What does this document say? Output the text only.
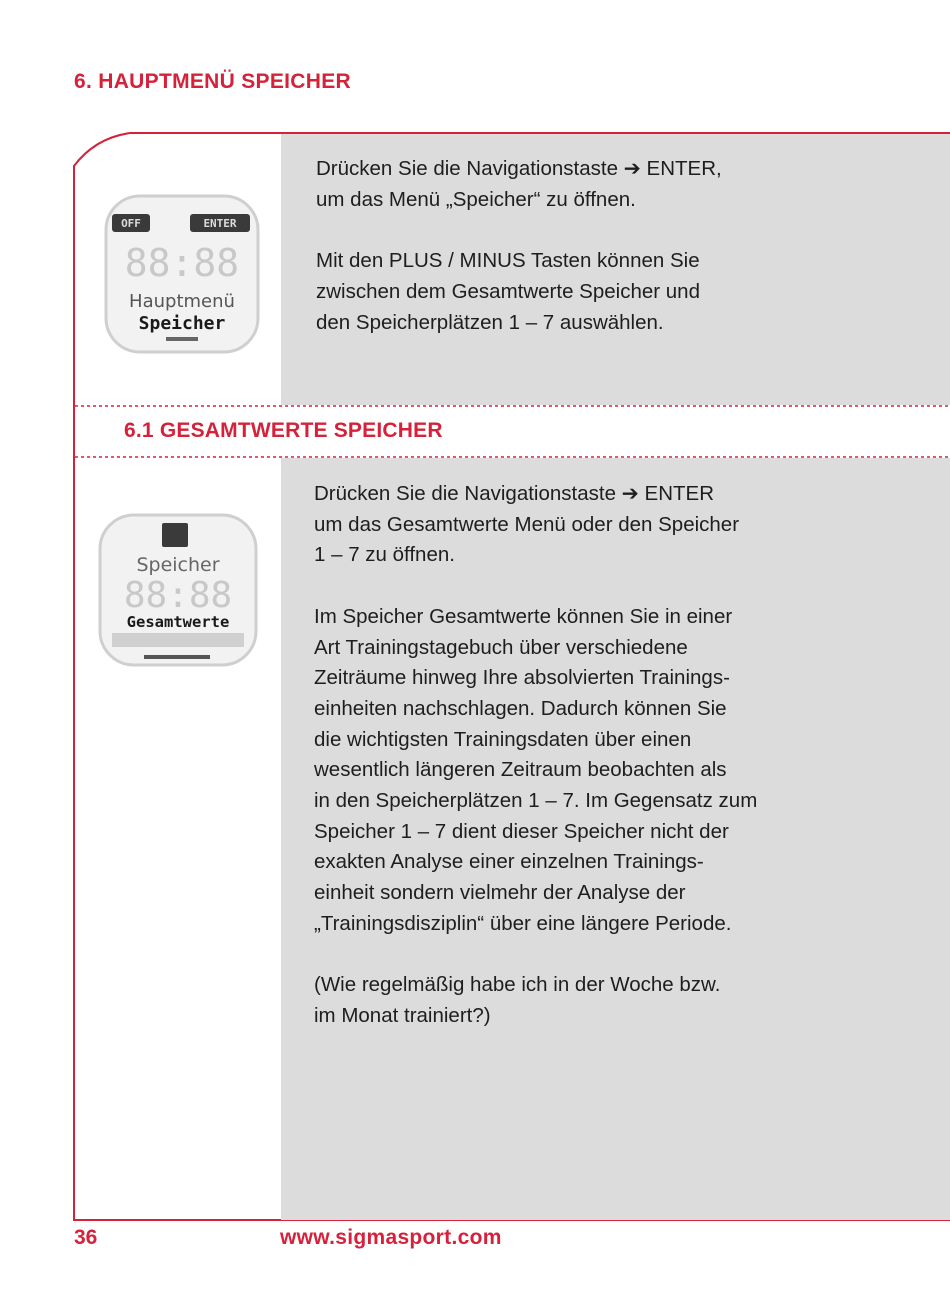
6. HAUPTMENÜ SPEICHER
OFF	ENTER
88:88
Hauptmenü
Speicher

Drücken Sie die Navigationstaste ➔ ENTER,
um das Menü „Speicher“ zu öffnen.

Mit den PLUS / MINUS Tasten können Sie
zwischen dem Gesamtwerte Speicher und
den Speicherplätzen 1 – 7 auswählen.

6.1 GESAMTWERTE SPEICHER
Speicher
88:88
Gesamtwerte

Drücken Sie die Navigationstaste ➔ ENTER
um das Gesamtwerte Menü oder den Speicher
1 – 7 zu öffnen.

Im Speicher Gesamtwerte können Sie in einer
Art Trainingstagebuch über verschiedene
Zeiträume hinweg Ihre absolvierten Trainings-
einheiten nachschlagen. Dadurch können Sie
die wichtigsten Trainingsdaten über einen
wesentlich längeren Zeitraum beobachten als
in den Speicherplätzen 1 – 7. Im Gegensatz zum
Speicher 1 – 7 dient dieser Speicher nicht der
exakten Analyse einer einzelnen Trainings-
einheit sondern vielmehr der Analyse der
„Trainingsdisziplin“ über eine längere Periode.

(Wie regelmäßig habe ich in der Woche bzw.
im Monat trainiert?)

36	www.sigmasport.com
